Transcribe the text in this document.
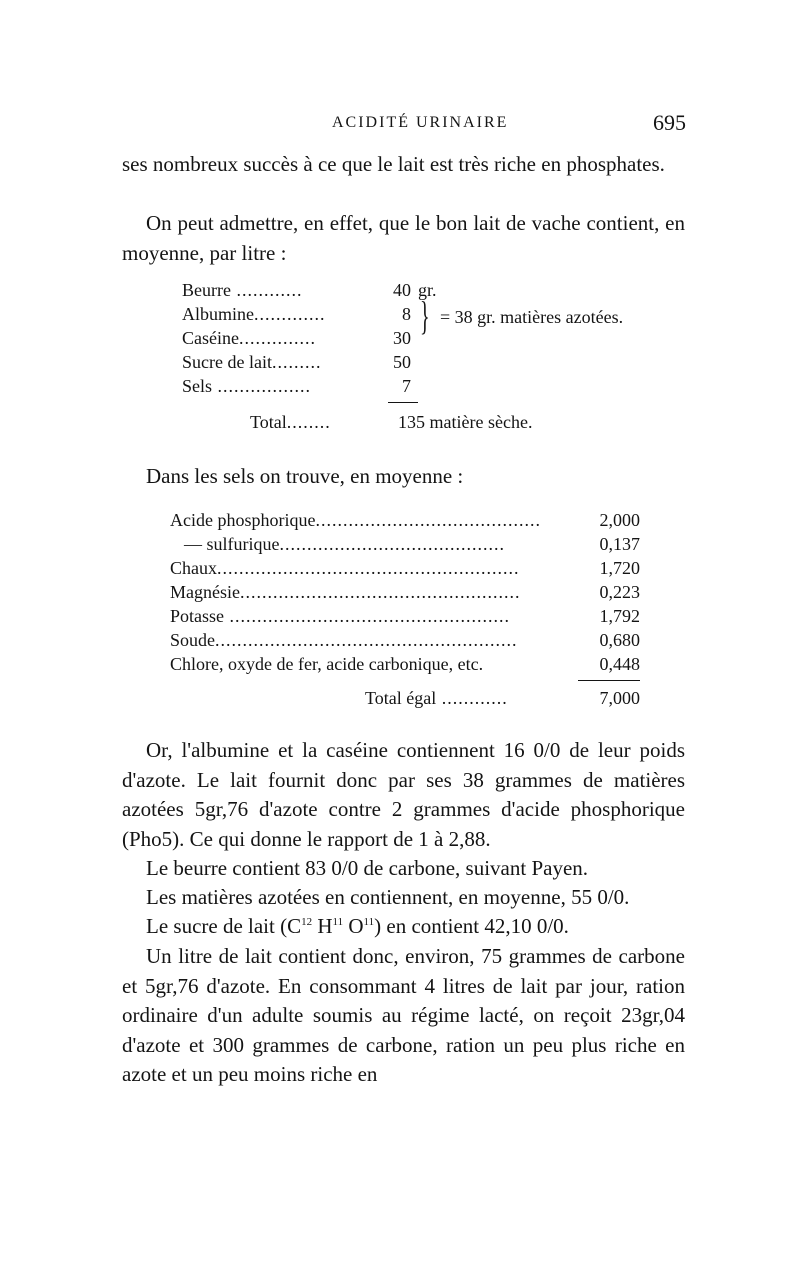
ACIDITÉ URINAIRE	695

ses nombreux succès à ce que le lait est très riche en phosphates.

On peut admettre, en effet, que le bon lait de vache contient, en moyenne, par litre :

Beurre ............	40 gr.
Albumine.............	8
Caséine..............	30
Sucre de lait.........	50
Sels .................	7
} = 38 gr. matières azotées.
Total........	135 matière sèche.

Dans les sels on trouve, en moyenne :

Acide phosphorique.........................................	2,000
— sulfurique.........................................	0,137
Chaux.......................................................	1,720
Magnésie...................................................	0,223
Potasse ...................................................	1,792
Soude.......................................................	0,680
Chlore, oxyde de fer, acide carbonique, etc.	0,448
Total égal ............	7,000

Or, l'albumine et la caséine contiennent 16 0/0 de leur poids d'azote. Le lait fournit donc par ses 38 grammes de matières azotées 5gr,76 d'azote contre 2 grammes d'acide phosphorique (Pho5). Ce qui donne le rapport de 1 à 2,88.

Le beurre contient 83 0/0 de carbone, suivant Payen.

Les matières azotées en contiennent, en moyenne, 55 0/0.

Le sucre de lait ($C^{12}$ $H^{11}$ $O^{11}$) en contient 42,10 0/0.

Un litre de lait contient donc, environ, 75 grammes de carbone et 5gr,76 d'azote. En consommant 4 litres de lait par jour, ration ordinaire d'un adulte soumis au régime lacté, on reçoit 23gr,04 d'azote et 300 grammes de carbone, ration un peu plus riche en azote et un peu moins riche en
